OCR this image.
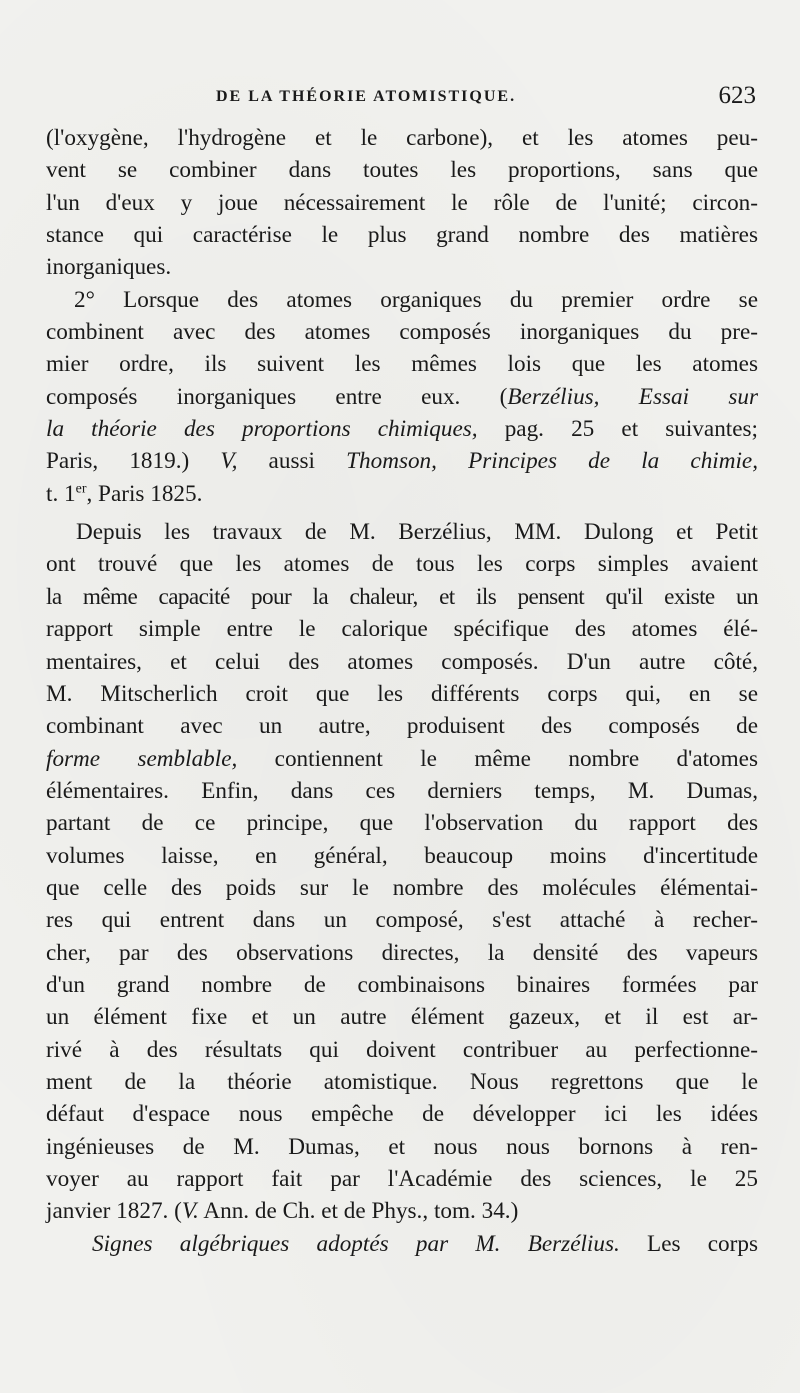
DE LA THÉORIE ATOMISTIQUE.	623
(l'oxygène, l'hydrogène et le carbone), et les atomes peu-
vent se combiner dans toutes les proportions, sans que
l'un d'eux y joue nécessairement le rôle de l'unité; circon-
stance qui caractérise le plus grand nombre des matières
inorganiques.
2° Lorsque des atomes organiques du premier ordre se
combinent avec des atomes composés inorganiques du pre-
mier ordre, ils suivent les mêmes lois que les atomes
composés inorganiques entre eux. (Berzélius, Essai sur
la théorie des proportions chimiques, pag. 25 et suivantes;
Paris, 1819.) V, aussi Thomson, Principes de la chimie,
t. 1er, Paris 1825.
Depuis les travaux de M. Berzélius, MM. Dulong et Petit
ont trouvé que les atomes de tous les corps simples avaient
la même capacité pour la chaleur, et ils pensent qu'il existe un
rapport simple entre le calorique spécifique des atomes élé-
mentaires, et celui des atomes composés. D'un autre côté,
M. Mitscherlich croit que les différents corps qui, en se
combinant avec un autre, produisent des composés de
forme semblable, contiennent le même nombre d'atomes
élémentaires. Enfin, dans ces derniers temps, M. Dumas,
partant de ce principe, que l'observation du rapport des
volumes laisse, en général, beaucoup moins d'incertitude
que celle des poids sur le nombre des molécules élémentai-
res qui entrent dans un composé, s'est attaché à recher-
cher, par des observations directes, la densité des vapeurs
d'un grand nombre de combinaisons binaires formées par
un élément fixe et un autre élément gazeux, et il est ar-
rivé à des résultats qui doivent contribuer au perfectionne-
ment de la théorie atomistique. Nous regrettons que le
défaut d'espace nous empêche de développer ici les idées
ingénieuses de M. Dumas, et nous nous bornons à ren-
voyer au rapport fait par l'Académie des sciences, le 25
janvier 1827. (V. Ann. de Ch. et de Phys., tom. 34.)
Signes algébriques adoptés par M. Berzélius. Les corps
